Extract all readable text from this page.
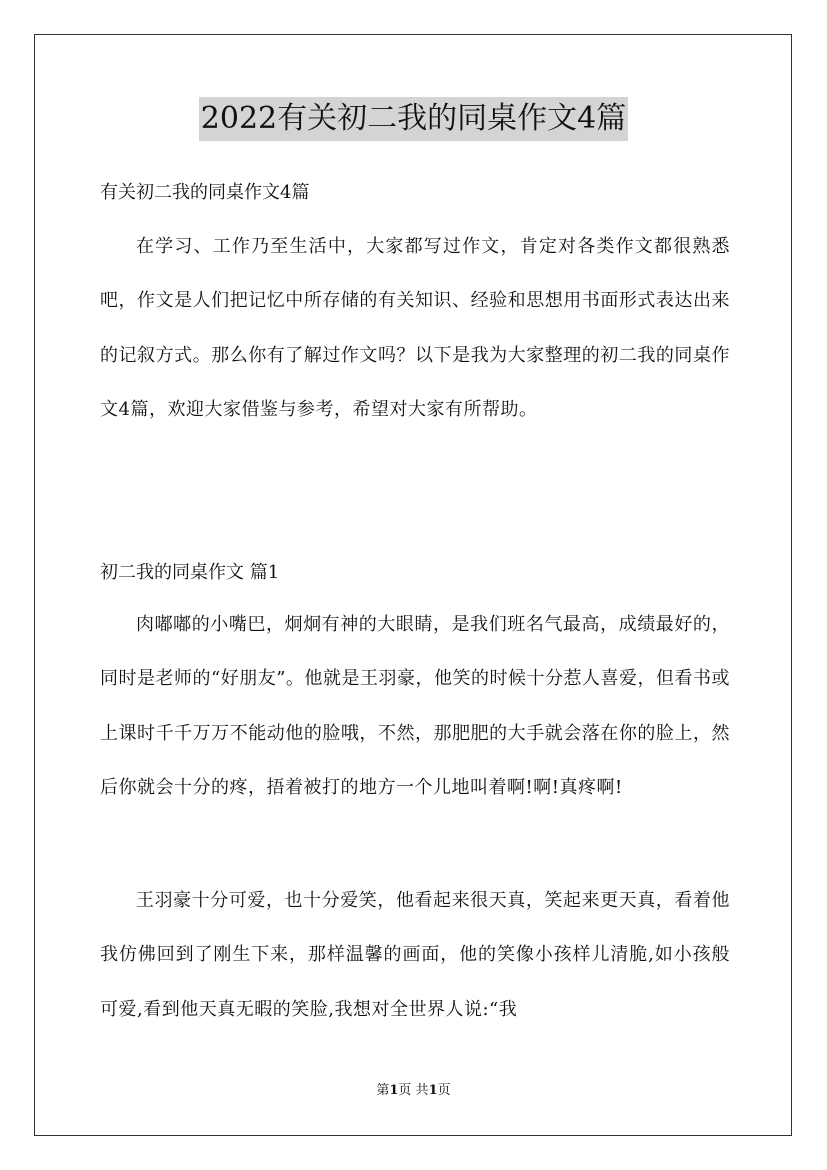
2022有关初二我的同桌作文4篇
有关初二我的同桌作文4篇
在学习、工作乃至生活中，大家都写过作文，肯定对各类作文都很熟悉吧，作文是人们把记忆中所存储的有关知识、经验和思想用书面形式表达出来的记叙方式。那么你有了解过作文吗？以下是我为大家整理的初二我的同桌作文4篇，欢迎大家借鉴与参考，希望对大家有所帮助。
初二我的同桌作文 篇1
肉嘟嘟的小嘴巴，炯炯有神的大眼睛，是我们班名气最高，成绩最好的，同时是老师的“好朋友”。他就是王羽豪，他笑的时候十分惹人喜爱，但看书或上课时千千万万不能动他的脸哦，不然，那肥肥的大手就会落在你的脸上，然后你就会十分的疼，捂着被打的地方一个儿地叫着啊!啊!真疼啊!
王羽豪十分可爱，也十分爱笑，他看起来很天真，笑起来更天真，看着他我仿佛回到了刚生下来，那样温馨的画面，他的笑像小孩样儿清脆,如小孩般可爱,看到他天真无暇的笑脸,我想对全世界人说:“我
第1页 共1页
